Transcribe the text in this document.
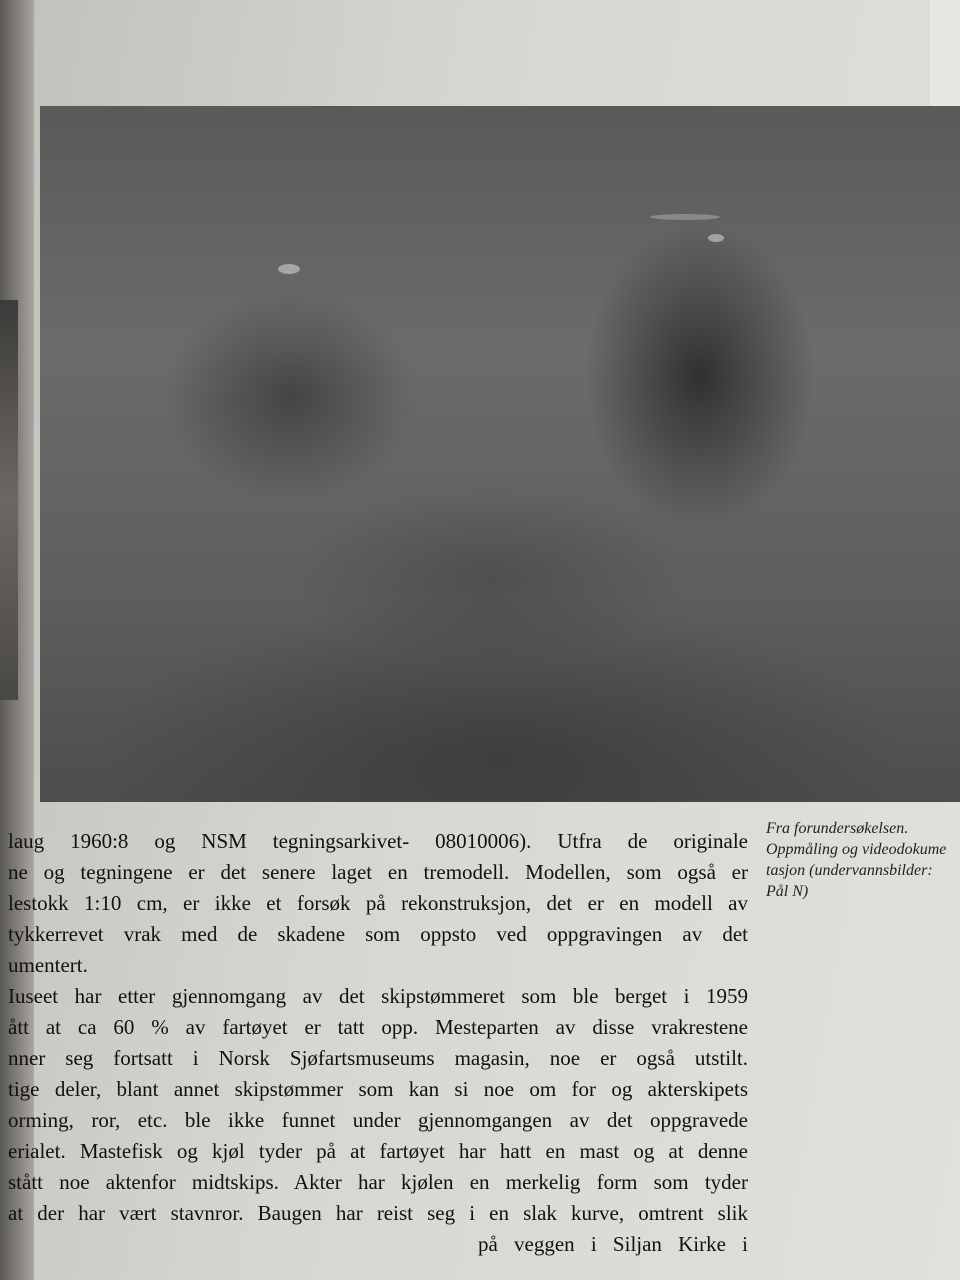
Fra forundersøkelsen.
Oppmåling og videodokume
tasjon (undervannsbilder:
Pål N)
laug 1960:8 og NSM tegningsarkivet- 08010006). Utfra de originale
ne og tegningene er det senere laget en tremodell. Modellen, som også er
lestokk 1:10 cm, er ikke et forsøk på rekonstruksjon, det er en modell av
tykkerrevet vrak med de skadene som oppsto ved oppgravingen av det
umentert.
Iuseet har etter gjennomgang av det skipstømmeret som ble berget i 1959
ått at ca 60 % av fartøyet er tatt opp. Mesteparten av disse vrakrestene
nner seg fortsatt i Norsk Sjøfartsmuseums magasin, noe er også utstilt.
tige deler, blant annet skipstømmer som kan si noe om for og akterskipets
orming, ror, etc. ble ikke funnet under gjennomgangen av det oppgravede
erialet. Mastefisk og kjøl tyder på at fartøyet har hatt en mast og at denne
stått noe aktenfor midtskips. Akter har kjølen en merkelig form som tyder
at der har vært stavnror. Baugen har reist seg i en slak kurve, omtrent slik
på veggen i Siljan Kirke i
